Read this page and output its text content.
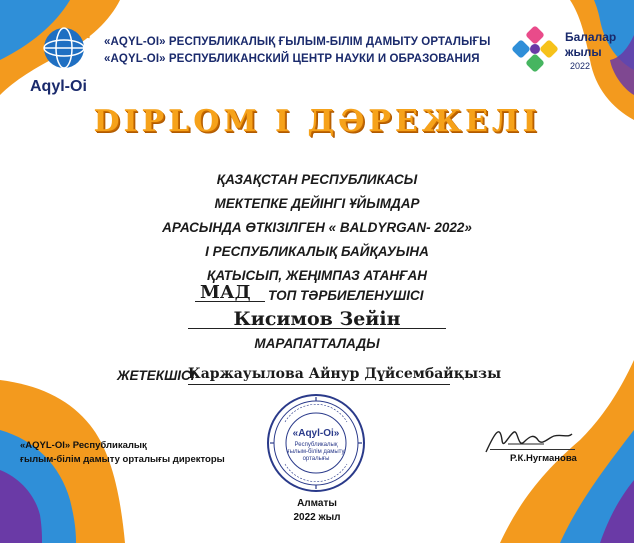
Aqyl-Oi
«AQYL-OI» РЕСПУБЛИКАЛЫҚ ҒЫЛЫМ-БІЛІМ ДАМЫТУ ОРТАЛЫҒЫ
«AQYL-OI» РЕСПУБЛИКАНСКИЙ ЦЕНТР НАУКИ И ОБРАЗОВАНИЯ
Балалар
жылы
2022
DIPLOM I ДӘРЕЖЕЛІ
ҚАЗАҚСТАН РЕСПУБЛИКАСЫ
МЕКТЕПКЕ ДЕЙІНГІ ҰЙЫМДАР
АРАСЫНДА ӨТКІЗІЛГЕН « BALDYRGAN- 2022»
I РЕСПУБЛИКАЛЫҚ БАЙҚАУЫНА
ҚАТЫСЫП, ЖЕҢІМПАЗ АТАНҒАН
МАД ТОП ТӘРБИЕЛЕНУШІСІ
Кисимов Зейін
МАРАПАТТАЛАДЫ
ЖЕТЕКШІСІ
Каржауылова Айнур Дүйсембайқызы
«Aqyl-Oi»
Республикалық
ғылым-білім дамыту
орталығы
«AQYL-OI» Республикалық
ғылым-білім дамыту орталығы директоры	Р.К.Нугманова
Алматы
2022 жыл
